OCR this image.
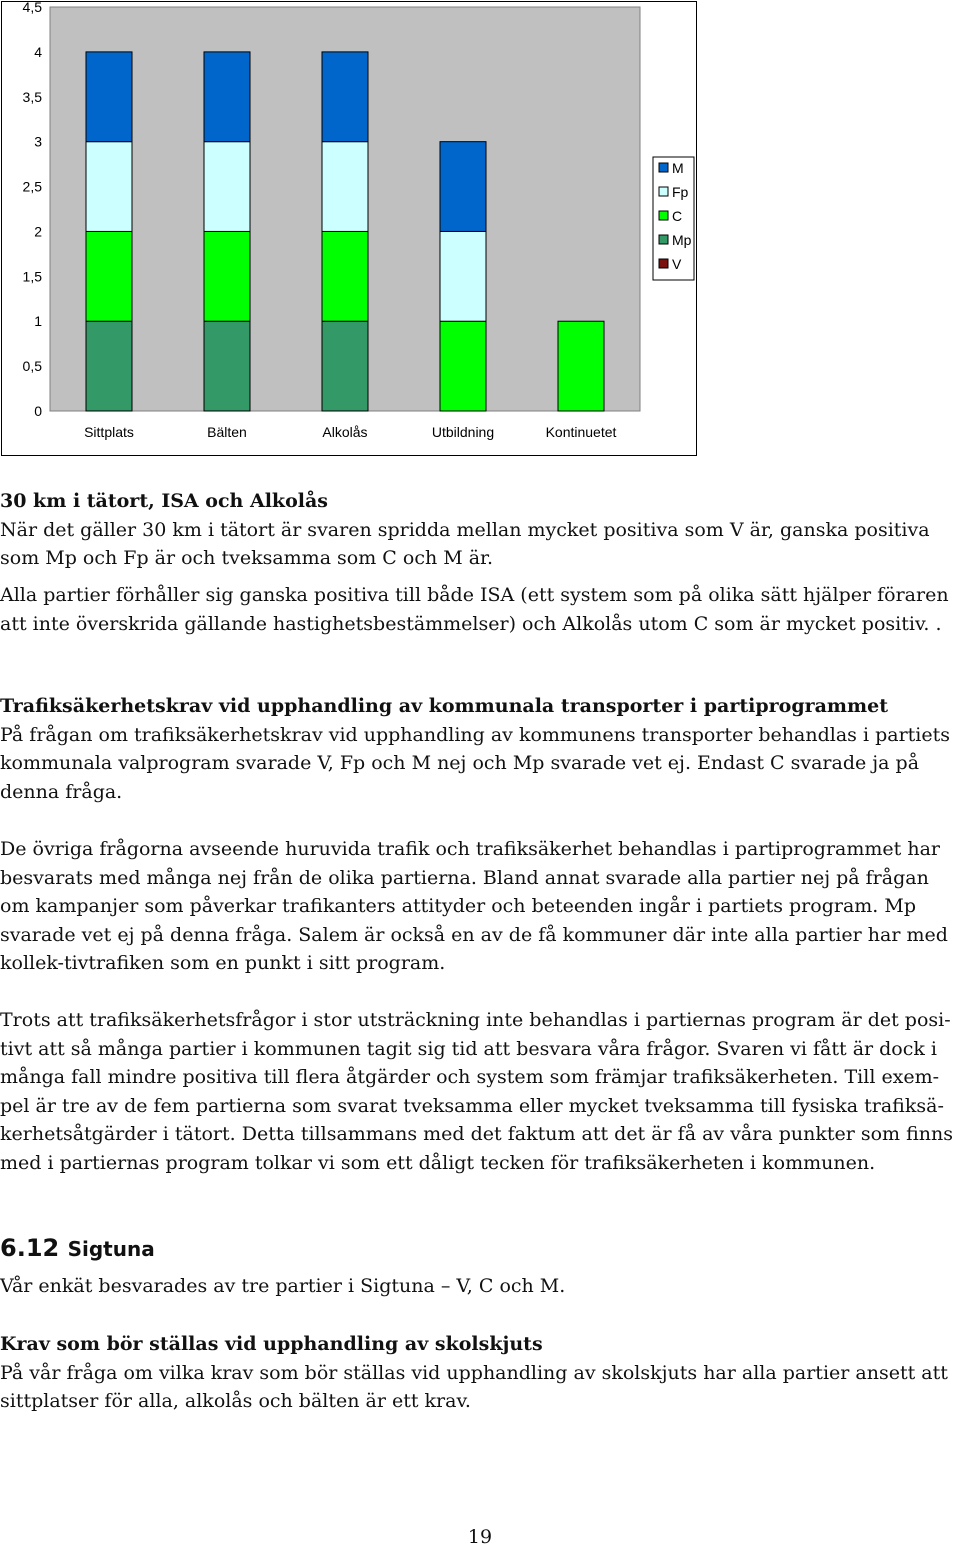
0
0,5
1
1,5
2
2,5
3
3,5
4
4,5
Sittplats	Bälten	Alkolås	Utbildning	Kontinuetet
M
Fp
C
Mp
V

30 km i tätort, ISA och Alkolås

När det gäller 30 km i tätort är svaren spridda mellan mycket positiva som V är, ganska positiva som Mp och Fp är och tveksamma som C och M är.

Alla partier förhåller sig ganska positiva till både ISA (ett system som på olika sätt hjälper föraren att inte överskrida gällande hastighetsbestämmelser) och Alkolås utom C som är mycket positiv. .

Trafiksäkerhetskrav vid upphandling av kommunala transporter i partiprogrammet

På frågan om trafiksäkerhetskrav vid upphandling av kommunens transporter behandlas i partiets kommunala valprogram svarade V, Fp och M nej och Mp svarade vet ej. Endast C svarade ja på denna fråga.

De övriga frågorna avseende huruvida trafik och trafiksäkerhet behandlas i partiprogrammet har besvarats med många nej från de olika partierna. Bland annat svarade alla partier nej på frågan om kampanjer som påverkar trafikanters attityder och beteenden ingår i partiets program. Mp svarade vet ej på denna fråga. Salem är också en av de få kommuner där inte alla partier har med kollek-tivtrafiken som en punkt i sitt program.

Trots att trafiksäkerhetsfrågor i stor utsträckning inte behandlas i partiernas program är det posi-tivt att så många partier i kommunen tagit sig tid att besvara våra frågor. Svaren vi fått är dock i många fall mindre positiva till flera åtgärder och system som främjar trafiksäkerheten. Till exem-pel är tre av de fem partierna som svarat tveksamma eller mycket tveksamma till fysiska trafiksä-kerhetsåtgärder i tätort. Detta tillsammans med det faktum att det är få av våra punkter som finns med i partiernas program tolkar vi som ett dåligt tecken för trafiksäkerheten i kommunen.

6.12 Sigtuna

Vår enkät besvarades av tre partier i Sigtuna – V, C och M.

Krav som bör ställas vid upphandling av skolskjuts

På vår fråga om vilka krav som bör ställas vid upphandling av skolskjuts har alla partier ansett att sittplatser för alla, alkolås och bälten är ett krav.

19
